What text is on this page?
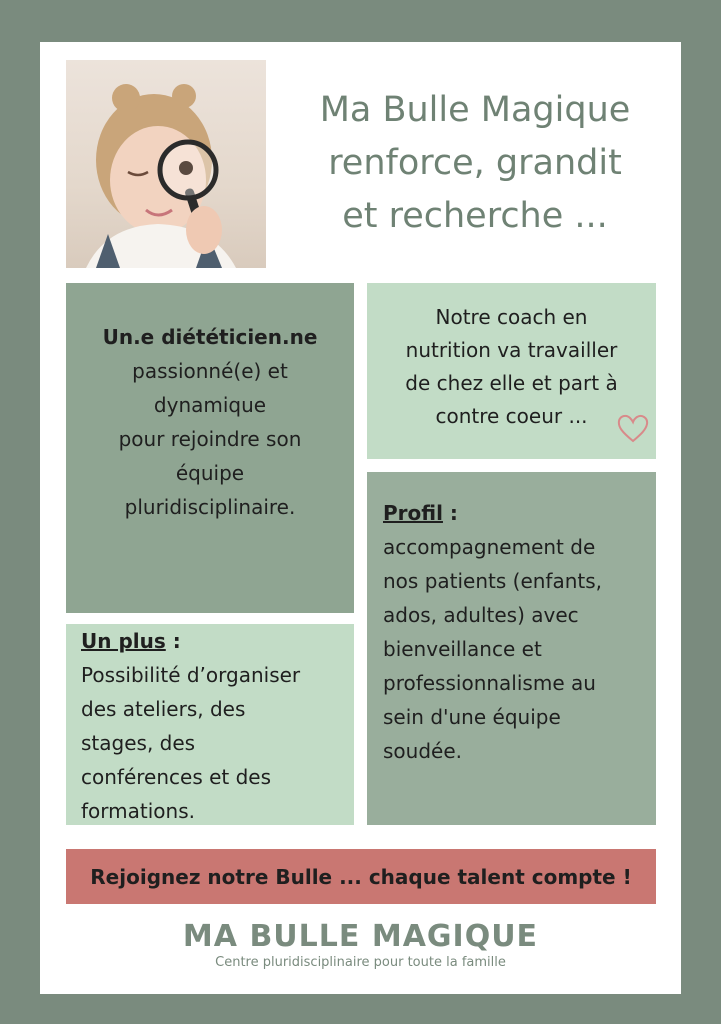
Ma Bulle Magique
renforce, grandit
et recherche ...
Un.e diététicien.ne
passionné(e) et
dynamique
pour rejoindre son
équipe
pluridisciplinaire.
Notre coach en
nutrition va travailler
de chez elle et part à
contre coeur ...
Profil :
accompagnement de
nos patients (enfants,
ados, adultes) avec
bienveillance et
professionnalisme au
sein d'une équipe
soudée.
Un plus :
Possibilité d’organiser
des ateliers, des
stages, des
conférences et des
formations.
Rejoignez notre Bulle ... chaque talent compte !
MA BULLE MAGIQUE
Centre pluridisciplinaire pour toute la famille
